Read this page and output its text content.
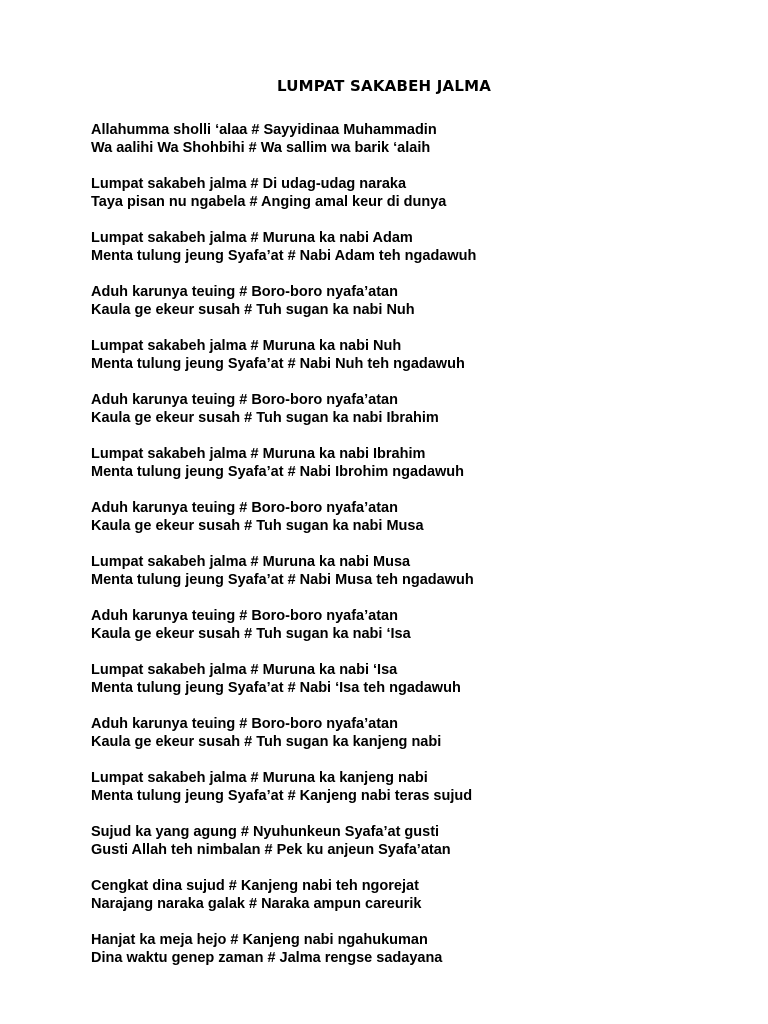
LUMPAT SAKABEH JALMA
Allahumma sholli ‘alaa # Sayyidinaa Muhammadin
Wa aalihi Wa Shohbihi # Wa sallim wa barik ‘alaih
Lumpat sakabeh jalma # Di udag-udag naraka
Taya pisan nu ngabela # Anging amal keur di dunya
Lumpat sakabeh jalma # Muruna ka nabi Adam
Menta tulung jeung Syafa’at # Nabi Adam teh ngadawuh
Aduh karunya teuing # Boro-boro nyafa’atan
Kaula ge ekeur susah # Tuh sugan ka nabi Nuh
Lumpat sakabeh jalma # Muruna ka nabi Nuh
Menta tulung jeung Syafa’at # Nabi Nuh teh ngadawuh
Aduh karunya teuing # Boro-boro nyafa’atan
Kaula ge ekeur susah # Tuh sugan ka nabi Ibrahim
Lumpat sakabeh jalma # Muruna ka nabi Ibrahim
Menta tulung jeung Syafa’at # Nabi Ibrohim ngadawuh
Aduh karunya teuing # Boro-boro nyafa’atan
Kaula ge ekeur susah # Tuh sugan ka nabi Musa
Lumpat sakabeh jalma # Muruna ka nabi Musa
Menta tulung jeung Syafa’at # Nabi Musa teh ngadawuh
Aduh karunya teuing # Boro-boro nyafa’atan
Kaula ge ekeur susah # Tuh sugan ka nabi ‘Isa
Lumpat sakabeh jalma # Muruna ka nabi ‘Isa
Menta tulung jeung Syafa’at # Nabi ‘Isa teh ngadawuh
Aduh karunya teuing # Boro-boro nyafa’atan
Kaula ge ekeur susah # Tuh sugan ka kanjeng nabi
Lumpat sakabeh jalma # Muruna ka kanjeng nabi
Menta tulung jeung Syafa’at # Kanjeng nabi teras sujud
Sujud ka yang agung # Nyuhunkeun Syafa’at gusti
Gusti Allah teh nimbalan # Pek ku anjeun Syafa’atan
Cengkat dina sujud # Kanjeng nabi teh ngorejat
Narajang naraka galak # Naraka ampun careurik
Hanjat ka meja hejo # Kanjeng nabi ngahukuman
Dina waktu genep zaman # Jalma rengse sadayana
